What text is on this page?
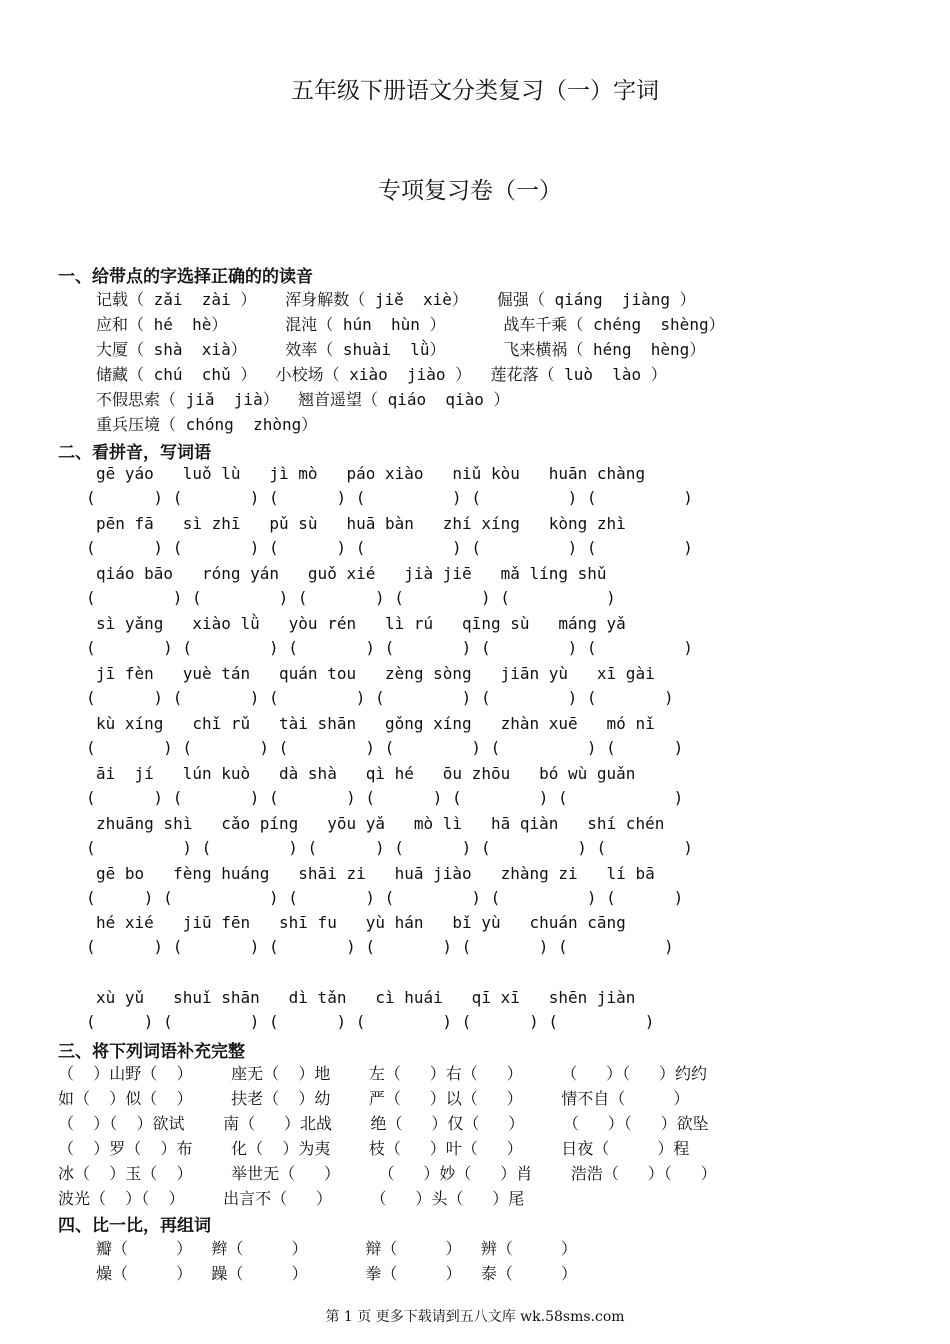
五年级下册语文分类复习（一）字词
专项复习卷（一）
一、给带点的字选择正确的的读音
记载（ zǎi  zài ）   浑身解数（ jiě  xiè）   倔强（ qiáng  jiàng ）
应和（ hé  hè）      混沌（ hún  hùn ）      战车千乘（ chéng  shèng）
大厦（ shà  xià）    效率（ shuài  lǜ）      飞来横祸（ héng  hèng）
储藏（ chú  chǔ ）  小校场（ xiào  jiào ）  莲花落（ luò  lào ）
不假思索（ jiǎ  jià）  翘首遥望（ qiáo  qiào ）
重兵压境（ chóng  zhòng）
二、看拼音，写词语
gē yáo   luǒ lù   jì mò   páo xiào   niǔ kòu   huān chàng
(      ) (       ) (      ) (         ) (         ) (         )
pēn fā   sì zhī   pǔ sù   huā bàn   zhí xíng   kòng zhì
(      ) (       ) (      ) (         ) (         ) (         )
qiáo bāo   róng yán   guǒ xié   jià jiē   mǎ líng shǔ
(        ) (        ) (       ) (        ) (          )
sì yǎng   xiào lǜ   yòu rén   lì rú   qīng sù   máng yǎ
(       ) (        ) (       ) (       ) (        ) (         )
jī fèn   yuè tán   quán tou   zèng sòng   jiān yù   xī gài
(      ) (       ) (        ) (        ) (        ) (       )
kù xíng   chǐ rǔ   tài shān   gǒng xíng   zhàn xuē   mó nǐ
(       ) (       ) (        ) (        ) (         ) (      )
āi  jí   lún kuò   dà shà   qì hé   ōu zhōu   bó wù guǎn
(      ) (       ) (       ) (      ) (        ) (           )
zhuāng shì   cǎo píng   yōu yǎ   mò lì   hā qiàn   shí chén
(         ) (        ) (      ) (      ) (         ) (        )
gē bo   fèng huáng   shāi zi   huā jiào   zhàng zi   lí bā
(     ) (          ) (       ) (        ) (         ) (      )
hé xié   jiū fēn   shī fu   yù hán   bǐ yù   chuán cāng
(      ) (       ) (       ) (       ) (       ) (          )
xù yǔ   shuǐ shān   dì tǎn   cì huái   qī xī   shēn jiàn
(     ) (        ) (      ) (        ) (      ) (         )
三、将下列词语补充完整
（  ）山野（  ）    座无（  ）地    左（   ）右（   ）    （   ）（   ）约约
如（  ）似（  ）    扶老（  ）幼    严（   ）以（   ）    情不自（     ）
（  ）（  ）欲试    南（   ）北战    绝（   ）仅（   ）    （   ）（   ）欲坠
（  ）罗（  ）布    化（  ）为夷    枝（   ）叶（   ）    日夜（     ）程
冰（  ）玉（  ）    举世无（   ）    （   ）妙（   ）肖    浩浩（   ）（   ）
波光（  ）（  ）    出言不（   ）    （   ）头（   ）尾
四、比一比，再组词
瓣（     ）  辫（     ）      辩（     ）  辨（     ）
燥（     ）  躁（     ）      拳（     ）  泰（     ）
第 1 页 更多下载请到五八文库 wk.58sms.com
